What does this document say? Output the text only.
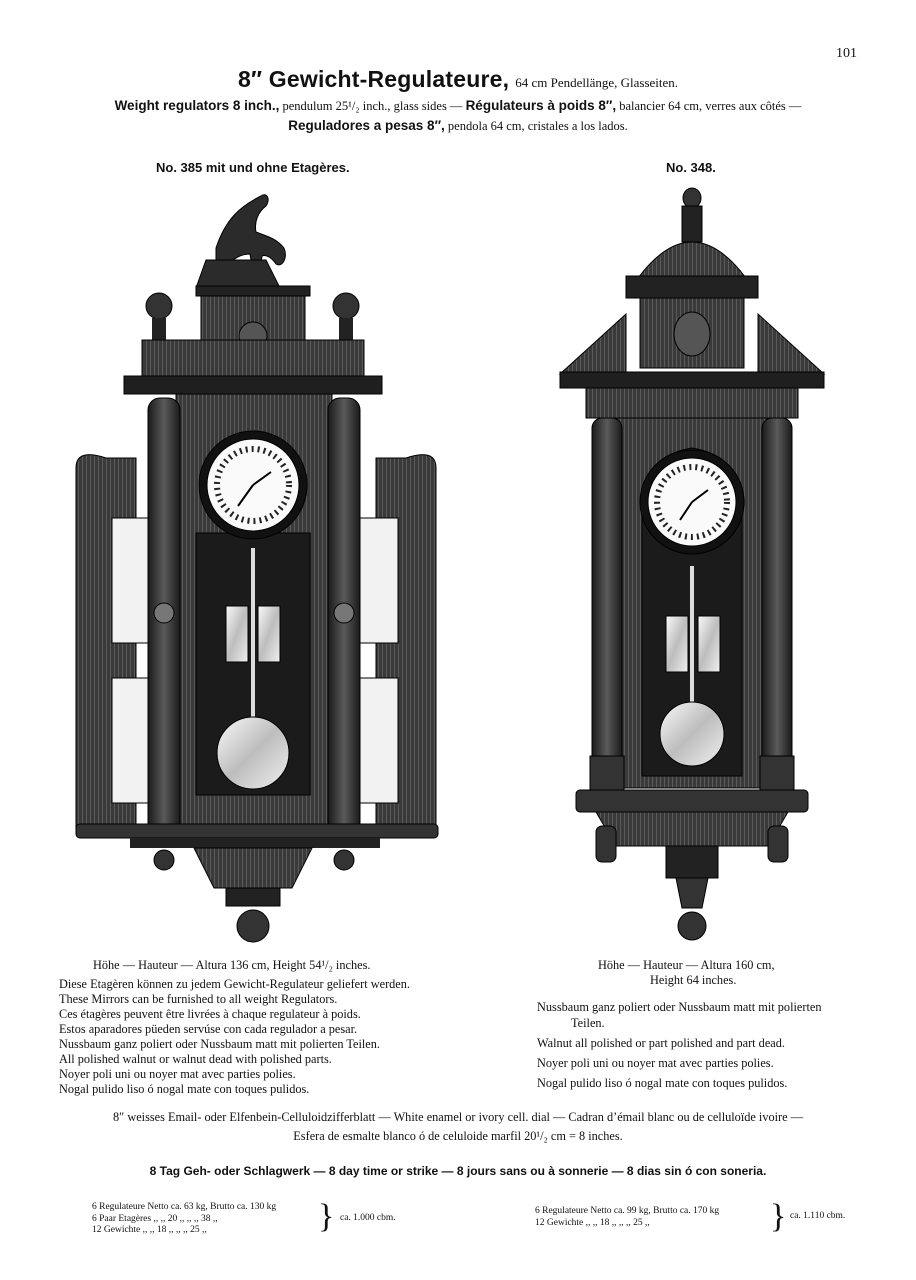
101
8″ Gewicht-Regulateure, 64 cm Pendellänge, Glasseiten.
Weight regulators 8 inch., pendulum 25¹/₂ inch., glass sides — Régulateurs à poids 8″, balancier 64 cm, verres aux côtés —
Reguladores a pesas 8″, pendola 64 cm, cristales a los lados.
No. 385 mit und ohne Etagères.	No. 348.
Höhe — Hauteur — Altura 136 cm, Height 54¹/₂ inches.
Diese Etagèren können zu jedem Gewicht-Regulateur geliefert werden.
These Mirrors can be furnished to all weight Regulators.
Ces étagères peuvent être livrées à chaque regulateur à poids.
Estos aparadores püeden servúse con cada regulador a pesar.
Nussbaum ganz poliert oder Nussbaum matt mit polierten Teilen.
All polished walnut or walnut dead with polished parts.
Noyer poli uni ou noyer mat avec parties polies.
Nogal pulido liso ó nogal mate con toques pulidos.
Höhe — Hauteur — Altura 160 cm,
Height 64 inches.
Nussbaum ganz poliert oder Nussbaum matt mit polierten
Teilen.
Walnut all polished or part polished and part dead.
Noyer poli uni ou noyer mat avec parties polies.
Nogal pulido liso ó nogal mate con toques pulidos.
8″ weisses Email- oder Elfenbein-Celluloidzifferblatt — White enamel or ivory cell. dial — Cadran d’émail blanc ou de celluloïde ivoire —
Esfera de esmalte blanco ó de celuloide marfil 20¹/₂ cm = 8 inches.
8 Tag Geh- oder Schlagwerk — 8 day time or strike — 8 jours sans ou à sonnerie — 8 dias sin ó con soneria.
6 Regulateure Netto ca. 63 kg, Brutto ca. 130 kg
6 Paar Etagères ,, ,, 20 ,, ,, ,, 38 ,,
12 Gewichte ,, ,, 18 ,, ,, ,, 25 ,,	} ca. 1.000 cbm.
6 Regulateure Netto ca. 99 kg, Brutto ca. 170 kg
12 Gewichte ,, ,, 18 ,, ,, ,, 25 ,,	} ca. 1.110 cbm.
